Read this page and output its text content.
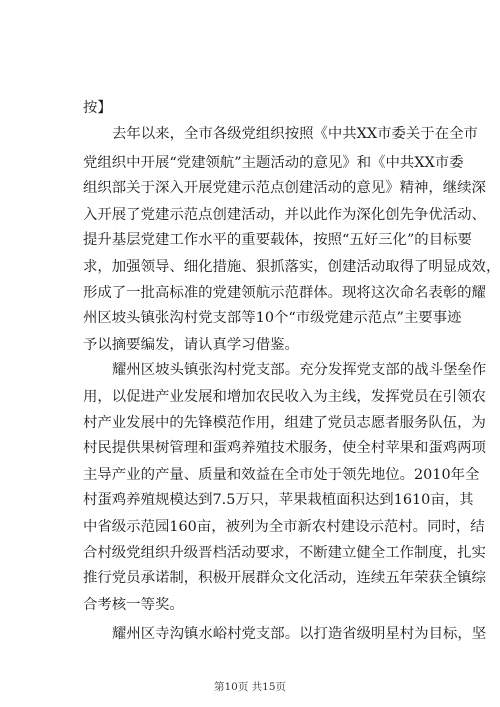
按】
去年以来，全市各级党组织按照《中共XX市委关于在全市
党组织中开展“党建领航”主题活动的意见》和《中共XX市委
组织部关于深入开展党建示范点创建活动的意见》精神，继续深
入开展了党建示范点创建活动，并以此作为深化创先争优活动、
提升基层党建工作水平的重要载体，按照“五好三化”的目标要
求，加强领导、细化措施、狠抓落实，创建活动取得了明显成效，
形成了一批高标准的党建领航示范群体。现将这次命名表彰的耀
州区坡头镇张沟村党支部等10个“市级党建示范点”主要事迹
予以摘要编发，请认真学习借鉴。
耀州区坡头镇张沟村党支部。充分发挥党支部的战斗堡垒作
用，以促进产业发展和增加农民收入为主线，发挥党员在引领农
村产业发展中的先锋模范作用，组建了党员志愿者服务队伍，为
村民提供果树管理和蛋鸡养殖技术服务，使全村苹果和蛋鸡两项
主导产业的产量、质量和效益在全市处于领先地位。2010年全
村蛋鸡养殖规模达到7.5万只，苹果栽植面积达到1610亩，其
中省级示范园160亩，被列为全市新农村建设示范村。同时，结
合村级党组织升级晋档活动要求，不断建立健全工作制度，扎实
推行党员承诺制，积极开展群众文化活动，连续五年荣获全镇综
合考核一等奖。
耀州区寺沟镇水峪村党支部。以打造省级明星村为目标，坚
第10页 共15页
